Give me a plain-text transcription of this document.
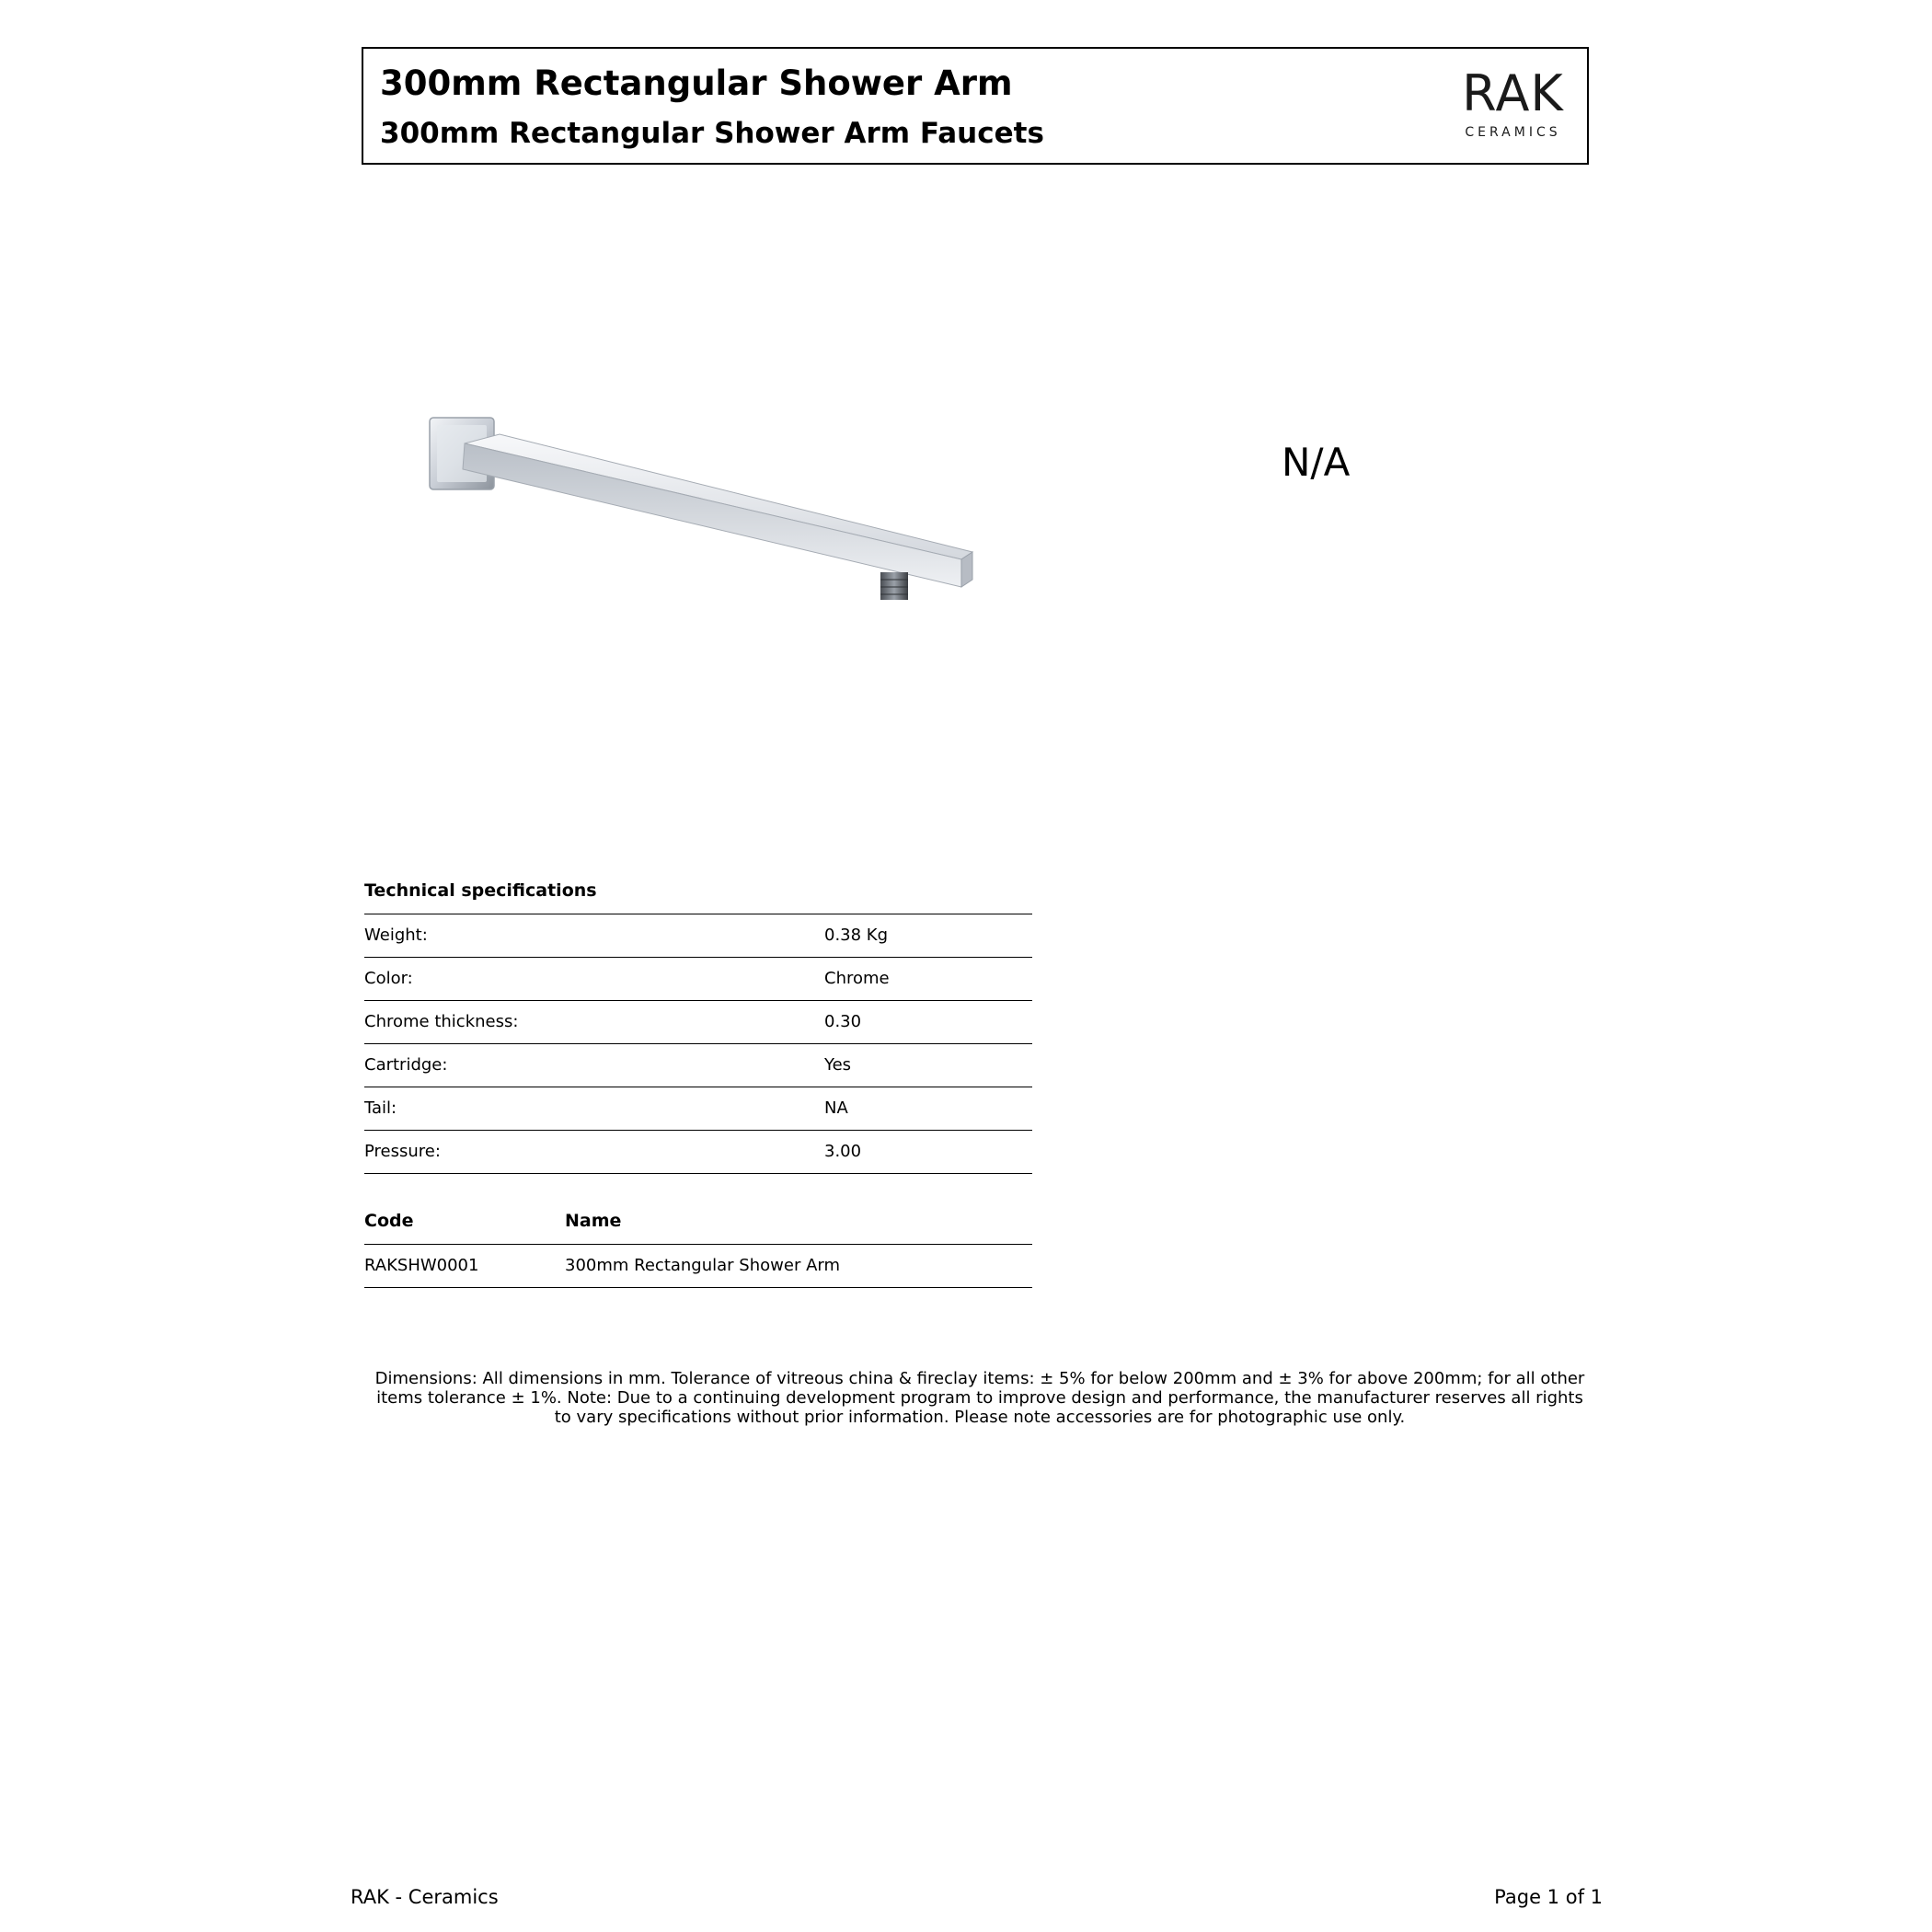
300mm Rectangular Shower Arm
300mm Rectangular Shower Arm Faucets
RAK
CERAMICS
N/A
Technical specifications
Weight:	0.38 Kg
Color:	Chrome
Chrome thickness:	0.30
Cartridge:	Yes
Tail:	NA
Pressure:	3.00
Code	Name
RAKSHW0001	300mm Rectangular Shower Arm

Dimensions: All dimensions in mm. Tolerance of vitreous china & fireclay items: ± 5% for below 200mm and ± 3% for above 200mm; for all other items tolerance ± 1%. Note: Due to a continuing development program to improve design and performance, the manufacturer reserves all rights to vary specifications without prior information. Please note accessories are for photographic use only.

RAK - Ceramics	Page 1 of 1
